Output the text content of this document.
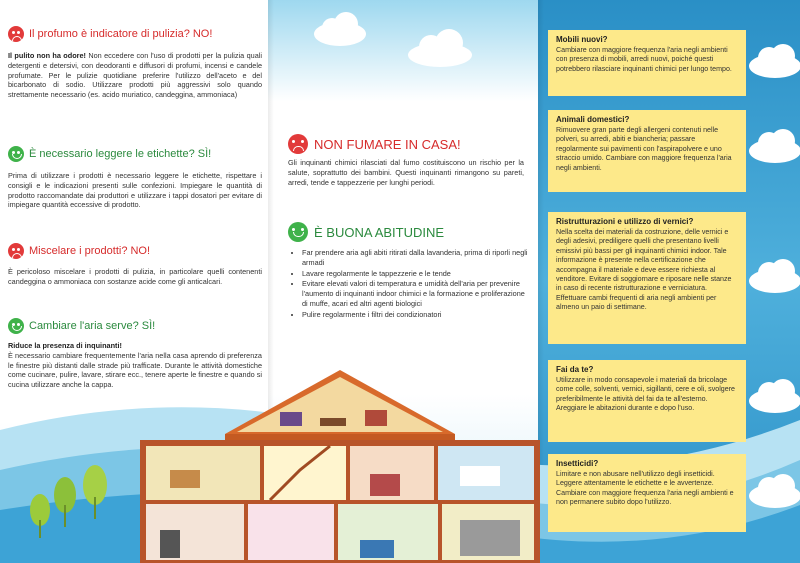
Il profumo è indicatore di pulizia? NO!
Il pulito non ha odore! Non eccedere con l'uso di prodotti per la pulizia quali detergenti e detersivi, con deodoranti e diffusori di profumi, incensi e candele profumate. Per le pulizie quotidiane preferire l'utilizzo dell'aceto e del bicarbonato di sodio. Utilizzare prodotti più aggressivi solo quando strettamente necessario (es. acido muriatico, candeggina, ammoniaca)
È necessario leggere le etichette? SÌ!
Prima di utilizzare i prodotti è necessario leggere le etichette, rispettare i consigli e le indicazioni presenti sulle confezioni. Impiegare le quantità di prodotto raccomandate dai produttori e utilizzare i tappi dosatori per evitare di impiegare quantità eccessive di prodotto.
Miscelare i prodotti? NO!
È pericoloso miscelare i prodotti di pulizia, in particolare quelli contenenti candeggina o ammoniaca con sostanze acide come gli anticalcari.
Cambiare l'aria serve? SÌ!
Riduce la presenza di inquinanti!
È necessario cambiare frequentemente l'aria nella casa aprendo di preferenza le finestre più distanti dalle strade più trafficate. Durante le attività domestiche come cucinare, pulire, lavare, stirare ecc., tenere aperte le finestre e quando si cucina utilizzare anche la cappa.
NON FUMARE IN CASA!
Gli inquinanti chimici rilasciati dal fumo costituiscono un rischio per la salute, soprattutto dei bambini. Questi inquinanti rimangono su pareti, arredi, tende e tappezzerie per lunghi periodi.
È BUONA ABITUDINE
• Far prendere aria agli abiti ritirati dalla lavanderia, prima di riporli negli armadi
• Lavare regolarmente le tappezzerie e le tende
• Evitare elevati valori di temperatura e umidità dell'aria per prevenire l'aumento di inquinanti indoor chimici e la formazione e proliferazione di muffe, acari ed altri agenti biologici
• Pulire regolarmente i filtri dei condizionatori
Mobili nuovi?
Cambiare con maggiore frequenza l'aria negli ambienti con presenza di mobili, arredi nuovi, poiché questi potrebbero rilasciare inquinanti chimici per lungo tempo.
Animali domestici?
Rimuovere gran parte degli allergeni contenuti nelle polveri, su arredi, abiti e biancheria; passare regolarmente sui pavimenti con l'aspirapolvere e uno straccio umido. Cambiare con maggiore frequenza l'aria negli ambienti.
Ristrutturazioni e utilizzo di vernici?
Nella scelta dei materiali da costruzione, delle vernici e degli adesivi, prediligere quelli che presentano livelli emissivi più bassi per gli inquinanti chimici indoor. Tale informazione è presente nella certificazione che accompagna il materiale e deve essere richiesta al venditore. Evitare di soggiornare e riposare nelle stanze in caso di recente ristrutturazione e verniciatura. Effettuare cambi frequenti di aria negli ambienti per almeno un paio di settimane.
Fai da te?
Utilizzare in modo consapevole i materiali da bricolage come colle, solventi, vernici, sigillanti, cere e oli, svolgere preferibilmente le attività del fai da te all'esterno. Areggiare le abitazioni durante e dopo l'uso.
Insetticidi?
Limitare e non abusare nell'utilizzo degli insetticidi. Leggere attentamente le etichette e le avvertenze. Cambiare con maggiore frequenza l'aria negli ambienti e non permanere subito dopo l'utilizzo.
